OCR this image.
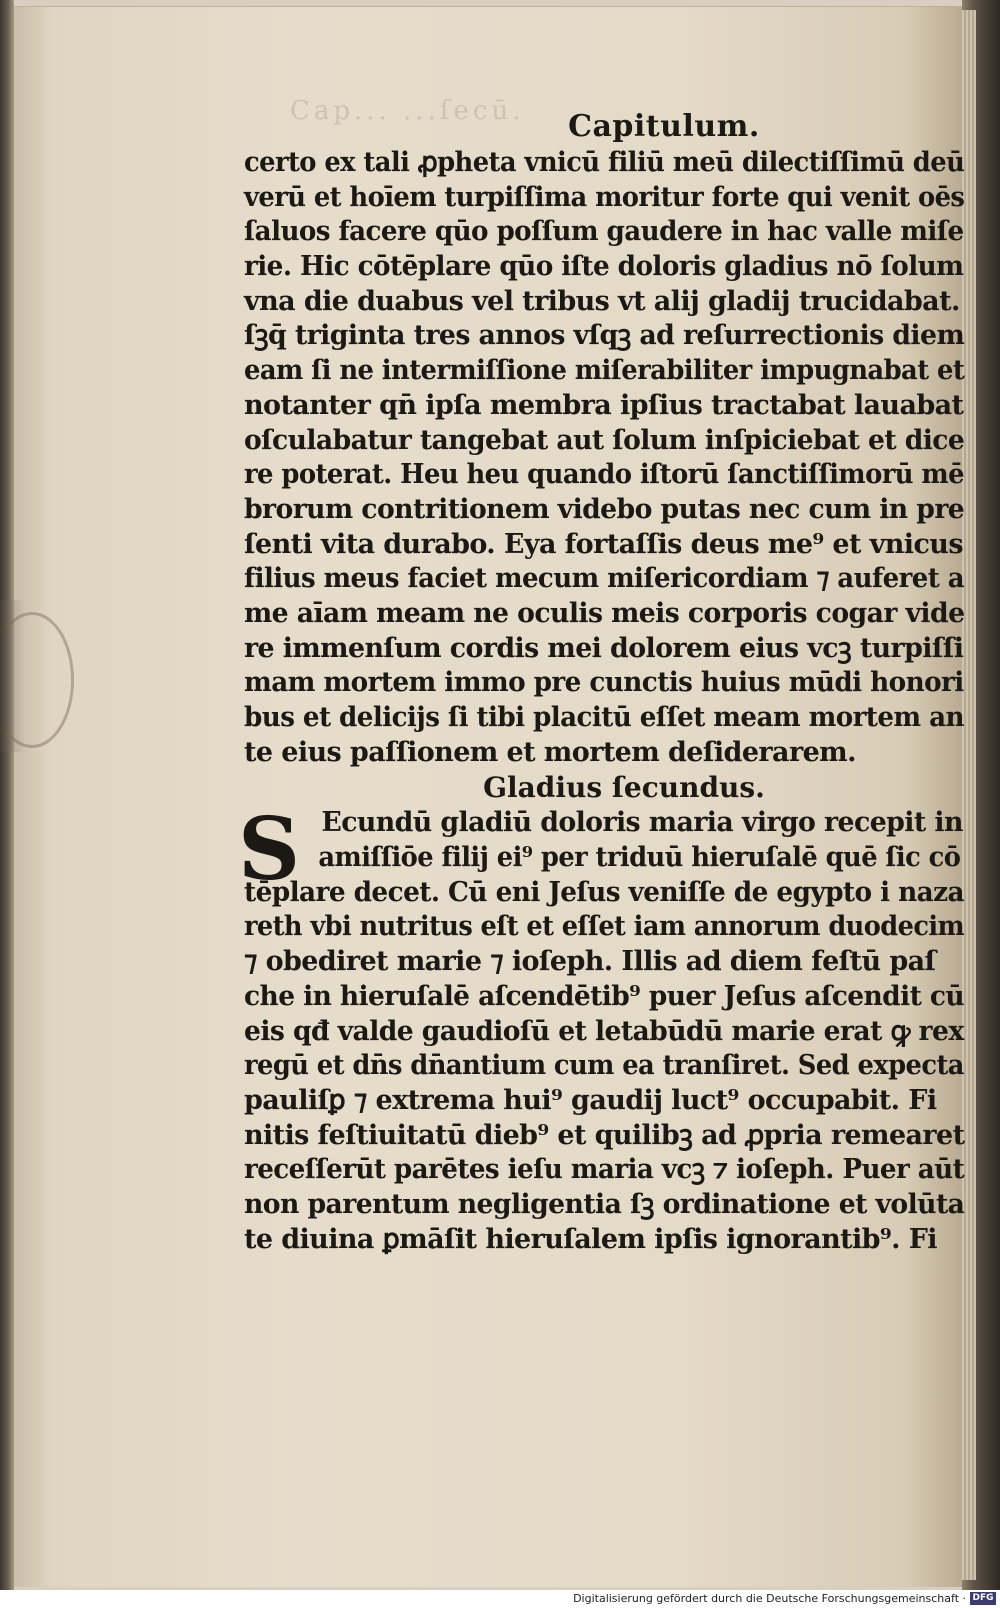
Cap... ...ſecū.	Capitulum.
certo ex tali ꝓpheta vnicū filiū meū dilectiſſimū deū
verū et hoīem turpiſſima moritur forte qui venit oēs
ſaluos facere qūo poſſum gaudere in hac valle miſe
rie. Hic cōtēplare qūo iſte doloris gladius nō ſolum
vna die duabus vel tribus vt alij gladij trucidabat.
ſꝫq̄ triginta tres annos vſqꝫ ad reſurrectionis diem
eam ſi ne intermiſſione miſerabiliter impugnabat et
notanter qn̄ ipſa membra ipſius tractabat lauabat
oſculabatur tangebat aut ſolum inſpiciebat et dice
re poterat. Heu heu quando iſtorū ſanctiſſimorū mē
brorum contritionem videbo putas nec cum in pre
ſenti vita durabo. Eya fortaſſis deus me⁹ et vnicus
filius meus faciet mecum miſericordiam ⁊ auferet a
me aīam meam ne oculis meis corporis cogar vide
re immenſum cordis mei dolorem eius vcꝫ turpiſſi
mam mortem immo pre cunctis huius mūdi honori
bus et delicijs ſi tibi placitū eſſet meam mortem an
te eius paſſionem et mortem deſiderarem.
Gladius ſecundus.
S Ecundū gladiū doloris maria virgo recepit in
amiſſiōe filij ei⁹ per triduū hieruſalē quē ſic cō
tēplare decet. Cū eni Jeſus veniſſe de egypto i naza
reth vbi nutritus eſt et eſſet iam annorum duodecim
⁊ obediret marie ⁊ ioſeph. Illis ad diem feſtū paſ
che in hieruſalē aſcendētib⁹ puer Jeſus aſcendit cū
eis qđ valde gaudioſū et letabūdū marie erat ꝙ rex
regū et dn̄s dn̄antium cum ea tranſiret. Sed expecta
pauliſꝑ ⁊ extrema hui⁹ gaudij luct⁹ occupabit. Fi
nitis feſtiuitatū dieb⁹ et quilibꝫ ad ꝓpria remearet
receſſerūt parētes ieſu maria vcꝫ ⁊ ioſeph. Puer aūt
non parentum negligentia ſꝫ ordinatione et volūta
te diuina ꝑmāſit hieruſalem ipſis ignorantib⁹. Fi
Digitalisierung gefördert durch die Deutsche Forschungsgemeinschaft · DFG
